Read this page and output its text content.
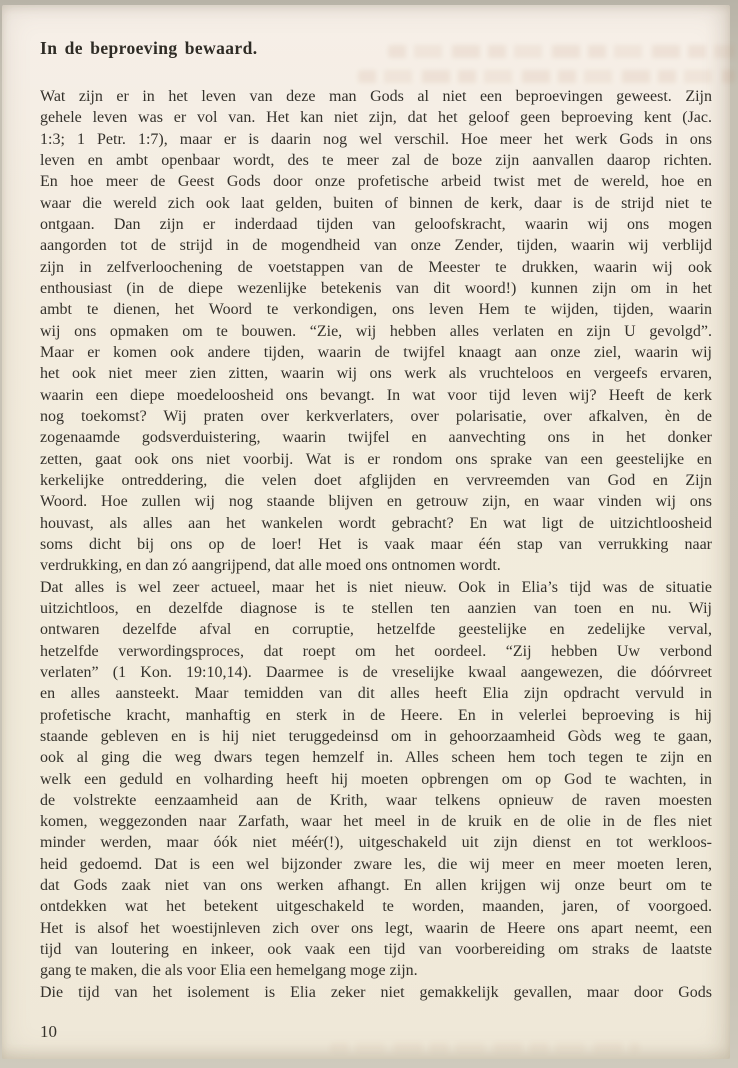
In de beproeving bewaard.
Wat zijn er in het leven van deze man Gods al niet een beproevingen geweest. Zijn
gehele leven was er vol van. Het kan niet zijn, dat het geloof geen beproeving kent (Jac.
1:3; 1 Petr. 1:7), maar er is daarin nog wel verschil. Hoe meer het werk Gods in ons
leven en ambt openbaar wordt, des te meer zal de boze zijn aanvallen daarop richten.
En hoe meer de Geest Gods door onze profetische arbeid twist met de wereld, hoe en
waar die wereld zich ook laat gelden, buiten of binnen de kerk, daar is de strijd niet te
ontgaan. Dan zijn er inderdaad tijden van geloofskracht, waarin wij ons mogen
aangorden tot de strijd in de mogendheid van onze Zender, tijden, waarin wij verblijd
zijn in zelfverloochening de voetstappen van de Meester te drukken, waarin wij ook
enthousiast (in de diepe wezenlijke betekenis van dit woord!) kunnen zijn om in het
ambt te dienen, het Woord te verkondigen, ons leven Hem te wijden, tijden, waarin
wij ons opmaken om te bouwen. “Zie, wij hebben alles verlaten en zijn U gevolgd”.
Maar er komen ook andere tijden, waarin de twijfel knaagt aan onze ziel, waarin wij
het ook niet meer zien zitten, waarin wij ons werk als vruchteloos en vergeefs ervaren,
waarin een diepe moedeloosheid ons bevangt. In wat voor tijd leven wij? Heeft de kerk
nog toekomst? Wij praten over kerkverlaters, over polarisatie, over afkalven, èn de
zogenaamde godsverduistering, waarin twijfel en aanvechting ons in het donker
zetten, gaat ook ons niet voorbij. Wat is er rondom ons sprake van een geestelijke en
kerkelijke ontreddering, die velen doet afglijden en vervreemden van God en Zijn
Woord. Hoe zullen wij nog staande blijven en getrouw zijn, en waar vinden wij ons
houvast, als alles aan het wankelen wordt gebracht? En wat ligt de uitzichtloosheid
soms dicht bij ons op de loer! Het is vaak maar één stap van verrukking naar
verdrukking, en dan zó aangrijpend, dat alle moed ons ontnomen wordt.
Dat alles is wel zeer actueel, maar het is niet nieuw. Ook in Elia’s tijd was de situatie
uitzichtloos, en dezelfde diagnose is te stellen ten aanzien van toen en nu. Wij
ontwaren dezelfde afval en corruptie, hetzelfde geestelijke en zedelijke verval,
hetzelfde verwordingsproces, dat roept om het oordeel. “Zij hebben Uw verbond
verlaten” (1 Kon. 19:10,14). Daarmee is de vreselijke kwaal aangewezen, die dóórvreet
en alles aansteekt. Maar temidden van dit alles heeft Elia zijn opdracht vervuld in
profetische kracht, manhaftig en sterk in de Heere. En in velerlei beproeving is hij
staande gebleven en is hij niet teruggedeinsd om in gehoorzaamheid Gòds weg te gaan,
ook al ging die weg dwars tegen hemzelf in. Alles scheen hem toch tegen te zijn en
welk een geduld en volharding heeft hij moeten opbrengen om op God te wachten, in
de volstrekte eenzaamheid aan de Krith, waar telkens opnieuw de raven moesten
komen, weggezonden naar Zarfath, waar het meel in de kruik en de olie in de fles niet
minder werden, maar óók niet méér(!), uitgeschakeld uit zijn dienst en tot werkloos-
heid gedoemd. Dat is een wel bijzonder zware les, die wij meer en meer moeten leren,
dat Gods zaak niet van ons werken afhangt. En allen krijgen wij onze beurt om te
ontdekken wat het betekent uitgeschakeld te worden, maanden, jaren, of voorgoed.
Het is alsof het woestijnleven zich over ons legt, waarin de Heere ons apart neemt, een
tijd van loutering en inkeer, ook vaak een tijd van voorbereiding om straks de laatste
gang te maken, die als voor Elia een hemelgang moge zijn.
Die tijd van het isolement is Elia zeker niet gemakkelijk gevallen, maar door Gods
10
